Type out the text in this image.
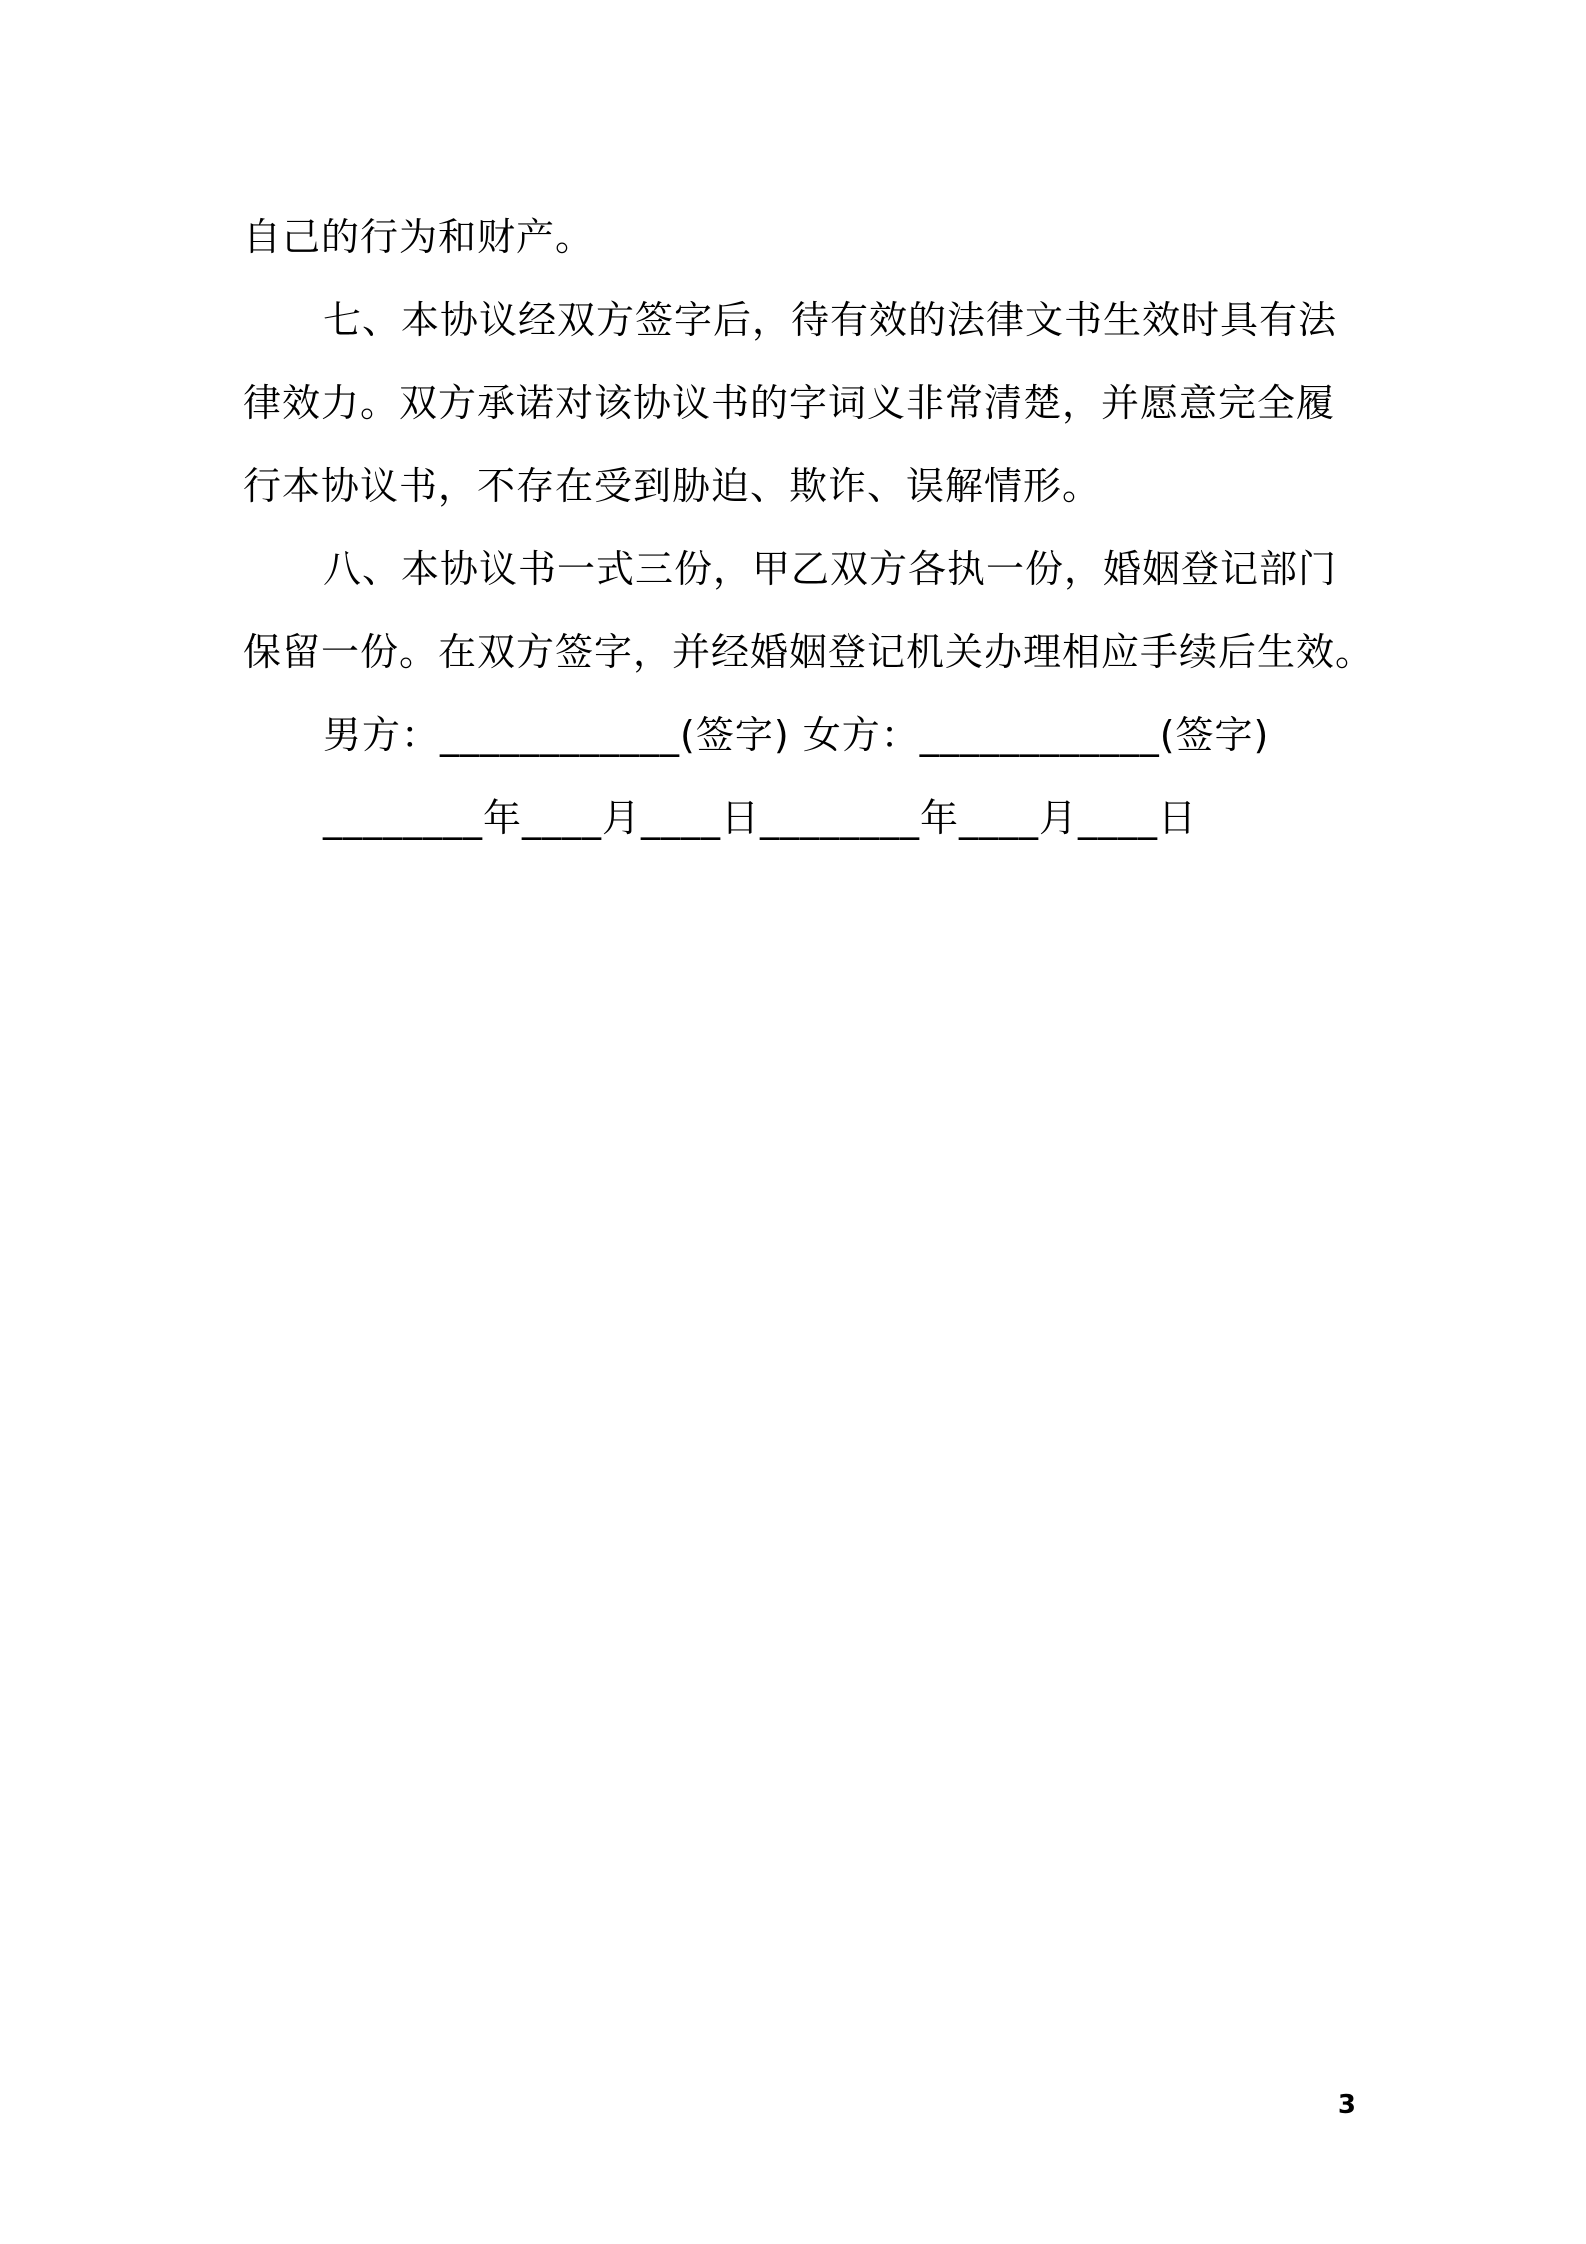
自己的行为和财产。

七、本协议经双方签字后，待有效的法律文书生效时具有法

律效力。双方承诺对该协议书的字词义非常清楚，并愿意完全履

行本协议书，不存在受到胁迫、欺诈、误解情形。

八、本协议书一式三份，甲乙双方各执一份，婚姻登记部门

保留一份。在双方签字，并经婚姻登记机关办理相应手续后生效。

男方：____________(签字) 女方：____________(签字)

________年____月____日________年____月____日

3
